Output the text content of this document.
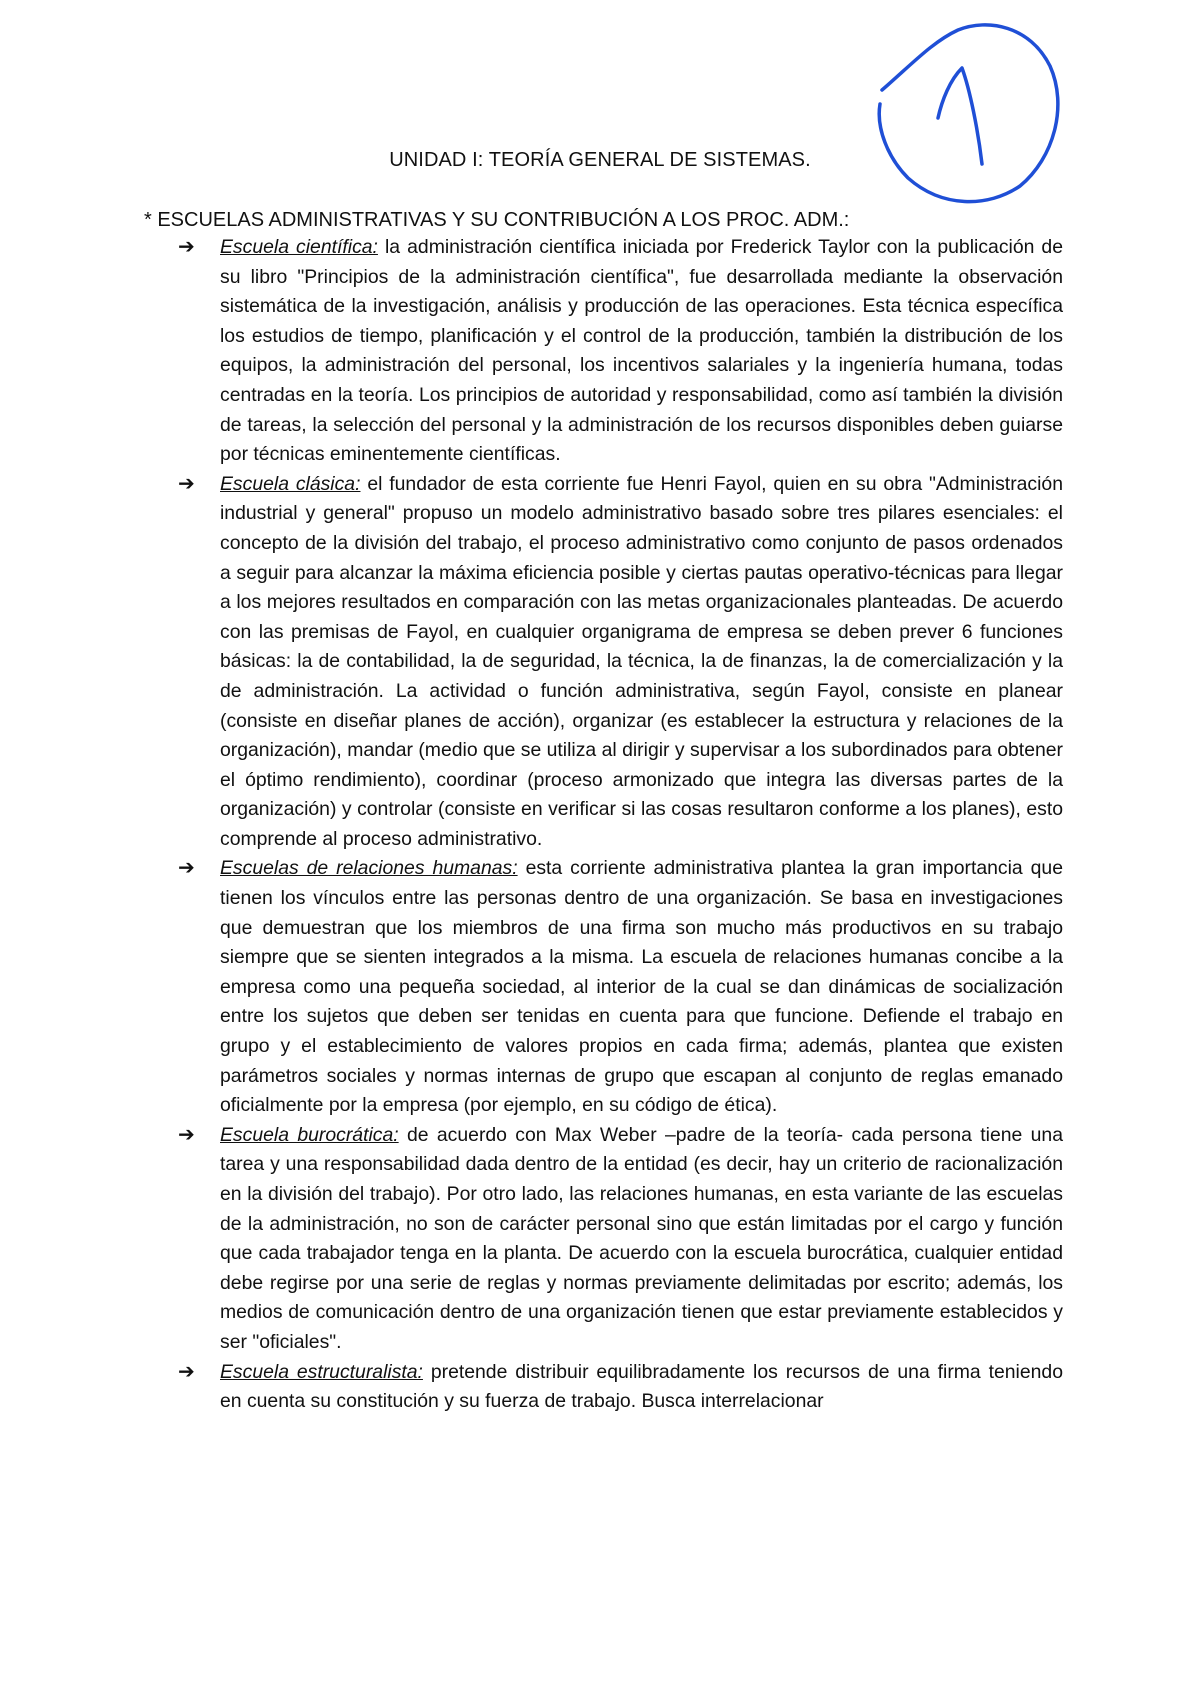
UNIDAD I: TEORÍA GENERAL DE SISTEMAS.
* ESCUELAS ADMINISTRATIVAS Y SU CONTRIBUCIÓN A LOS PROC. ADM.:
➔ Escuela científica: la administración científica iniciada por Frederick Taylor con la publicación de su libro "Principios de la administración científica", fue desarrollada mediante la observación sistemática de la investigación, análisis y producción de las operaciones. Esta técnica específica los estudios de tiempo, planificación y el control de la producción, también la distribución de los equipos, la administración del personal, los incentivos salariales y la ingeniería humana, todas centradas en la teoría. Los principios de autoridad y responsabilidad, como así también la división de tareas, la selección del personal y la administración de los recursos disponibles deben guiarse por técnicas eminentemente científicas.
➔ Escuela clásica: el fundador de esta corriente fue Henri Fayol, quien en su obra "Administración industrial y general" propuso un modelo administrativo basado sobre tres pilares esenciales: el concepto de la división del trabajo, el proceso administrativo como conjunto de pasos ordenados a seguir para alcanzar la máxima eficiencia posible y ciertas pautas operativo-técnicas para llegar a los mejores resultados en comparación con las metas organizacionales planteadas. De acuerdo con las premisas de Fayol, en cualquier organigrama de empresa se deben prever 6 funciones básicas: la de contabilidad, la de seguridad, la técnica, la de finanzas, la de comercialización y la de administración. La actividad o función administrativa, según Fayol, consiste en planear (consiste en diseñar planes de acción), organizar (es establecer la estructura y relaciones de la organización), mandar (medio que se utiliza al dirigir y supervisar a los subordinados para obtener el óptimo rendimiento), coordinar (proceso armonizado que integra las diversas partes de la organización) y controlar (consiste en verificar si las cosas resultaron conforme a los planes), esto comprende al proceso administrativo.
➔ Escuelas de relaciones humanas: esta corriente administrativa plantea la gran importancia que tienen los vínculos entre las personas dentro de una organización. Se basa en investigaciones que demuestran que los miembros de una firma son mucho más productivos en su trabajo siempre que se sienten integrados a la misma. La escuela de relaciones humanas concibe a la empresa como una pequeña sociedad, al interior de la cual se dan dinámicas de socialización entre los sujetos que deben ser tenidas en cuenta para que funcione. Defiende el trabajo en grupo y el establecimiento de valores propios en cada firma; además, plantea que existen parámetros sociales y normas internas de grupo que escapan al conjunto de reglas emanado oficialmente por la empresa (por ejemplo, en su código de ética).
➔ Escuela burocrática: de acuerdo con Max Weber –padre de la teoría- cada persona tiene una tarea y una responsabilidad dada dentro de la entidad (es decir, hay un criterio de racionalización en la división del trabajo). Por otro lado, las relaciones humanas, en esta variante de las escuelas de la administración, no son de carácter personal sino que están limitadas por el cargo y función que cada trabajador tenga en la planta. De acuerdo con la escuela burocrática, cualquier entidad debe regirse por una serie de reglas y normas previamente delimitadas por escrito; además, los medios de comunicación dentro de una organización tienen que estar previamente establecidos y ser "oficiales".
➔ Escuela estructuralista: pretende distribuir equilibradamente los recursos de una firma teniendo en cuenta su constitución y su fuerza de trabajo. Busca interrelacionar
